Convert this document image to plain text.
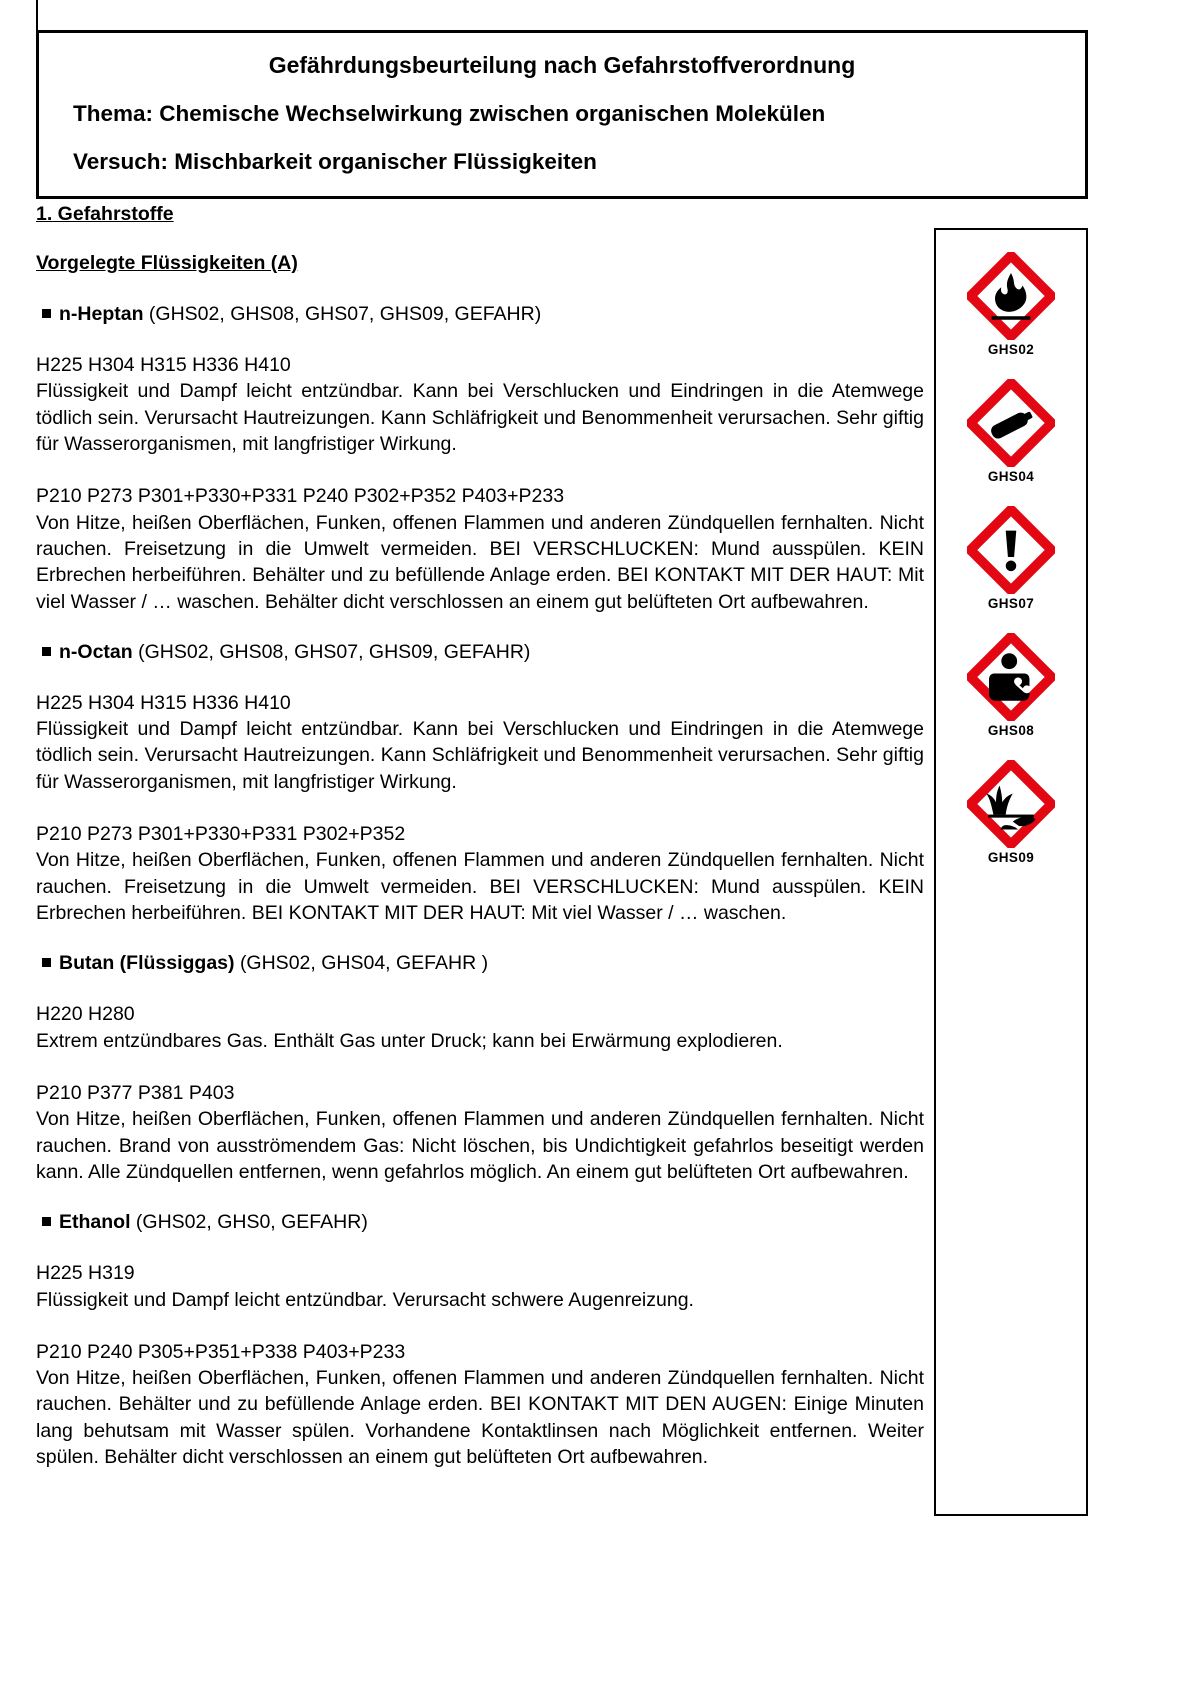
Gefährdungsbeurteilung nach Gefahrstoffverordnung
Thema: Chemische Wechselwirkung zwischen organischen Molekülen
Versuch: Mischbarkeit organischer Flüssigkeiten
1. Gefahrstoffe
Vorgelegte Flüssigkeiten (A)
n-Heptan (GHS02, GHS08, GHS07, GHS09, GEFAHR)
H225 H304 H315 H336 H410
Flüssigkeit und Dampf leicht entzündbar. Kann bei Verschlucken und Eindringen in die Atemwege tödlich sein. Verursacht Hautreizungen. Kann Schläfrigkeit und Benommenheit verursachen. Sehr giftig für Wasserorganismen, mit langfristiger Wirkung.
P210 P273 P301+P330+P331 P240 P302+P352 P403+P233
Von Hitze, heißen Oberflächen, Funken, offenen Flammen und anderen Zündquellen fernhalten. Nicht rauchen. Freisetzung in die Umwelt vermeiden. BEI VERSCHLUCKEN: Mund ausspülen. KEIN Erbrechen herbeiführen. Behälter und zu befüllende Anlage erden. BEI KONTAKT MIT DER HAUT: Mit viel Wasser / … waschen. Behälter dicht verschlossen an einem gut belüfteten Ort aufbewahren.
n-Octan (GHS02, GHS08, GHS07, GHS09, GEFAHR)
H225 H304 H315 H336 H410
Flüssigkeit und Dampf leicht entzündbar. Kann bei Verschlucken und Eindringen in die Atemwege tödlich sein. Verursacht Hautreizungen. Kann Schläfrigkeit und Benommenheit verursachen. Sehr giftig für Wasserorganismen, mit langfristiger Wirkung.
P210 P273 P301+P330+P331 P302+P352
Von Hitze, heißen Oberflächen, Funken, offenen Flammen und anderen Zündquellen fernhalten. Nicht rauchen. Freisetzung in die Umwelt vermeiden. BEI VERSCHLUCKEN: Mund ausspülen. KEIN Erbrechen herbeiführen. BEI KONTAKT MIT DER HAUT: Mit viel Wasser / … waschen.
Butan (Flüssiggas) (GHS02, GHS04, GEFAHR )
H220 H280
Extrem entzündbares Gas. Enthält Gas unter Druck; kann bei Erwärmung explodieren.
P210 P377 P381 P403
Von Hitze, heißen Oberflächen, Funken, offenen Flammen und anderen Zündquellen fernhalten. Nicht rauchen. Brand von ausströmendem Gas: Nicht löschen, bis Undichtigkeit gefahrlos beseitigt werden kann. Alle Zündquellen entfernen, wenn gefahrlos möglich. An einem gut belüfteten Ort aufbewahren.
Ethanol (GHS02, GHS0, GEFAHR)
H225 H319
Flüssigkeit und Dampf leicht entzündbar. Verursacht schwere Augenreizung.
P210 P240 P305+P351+P338 P403+P233
Von Hitze, heißen Oberflächen, Funken, offenen Flammen und anderen Zündquellen fernhalten. Nicht rauchen. Behälter und zu befüllende Anlage erden. BEI KONTAKT MIT DEN AUGEN: Einige Minuten lang behutsam mit Wasser spülen. Vorhandene Kontaktlinsen nach Möglichkeit entfernen. Weiter spülen. Behälter dicht verschlossen an einem gut belüfteten Ort aufbewahren.
GHS02
GHS04
GHS07
GHS08
GHS09
